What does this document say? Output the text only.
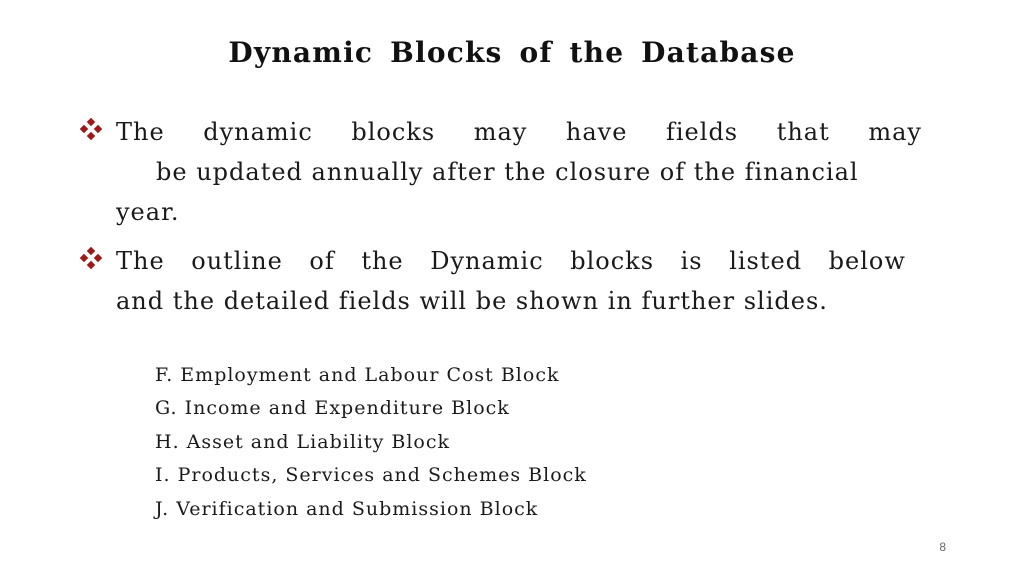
Dynamic Blocks of the Database
The dynamic blocks may have fields that may
be updated annually after the closure of the financial
year.
The outline of the Dynamic blocks is listed below
and the detailed fields will be shown in further slides.
F. Employment and Labour Cost Block
G. Income and Expenditure Block
H. Asset and Liability Block
I. Products, Services and Schemes Block
J. Verification and Submission Block
8
